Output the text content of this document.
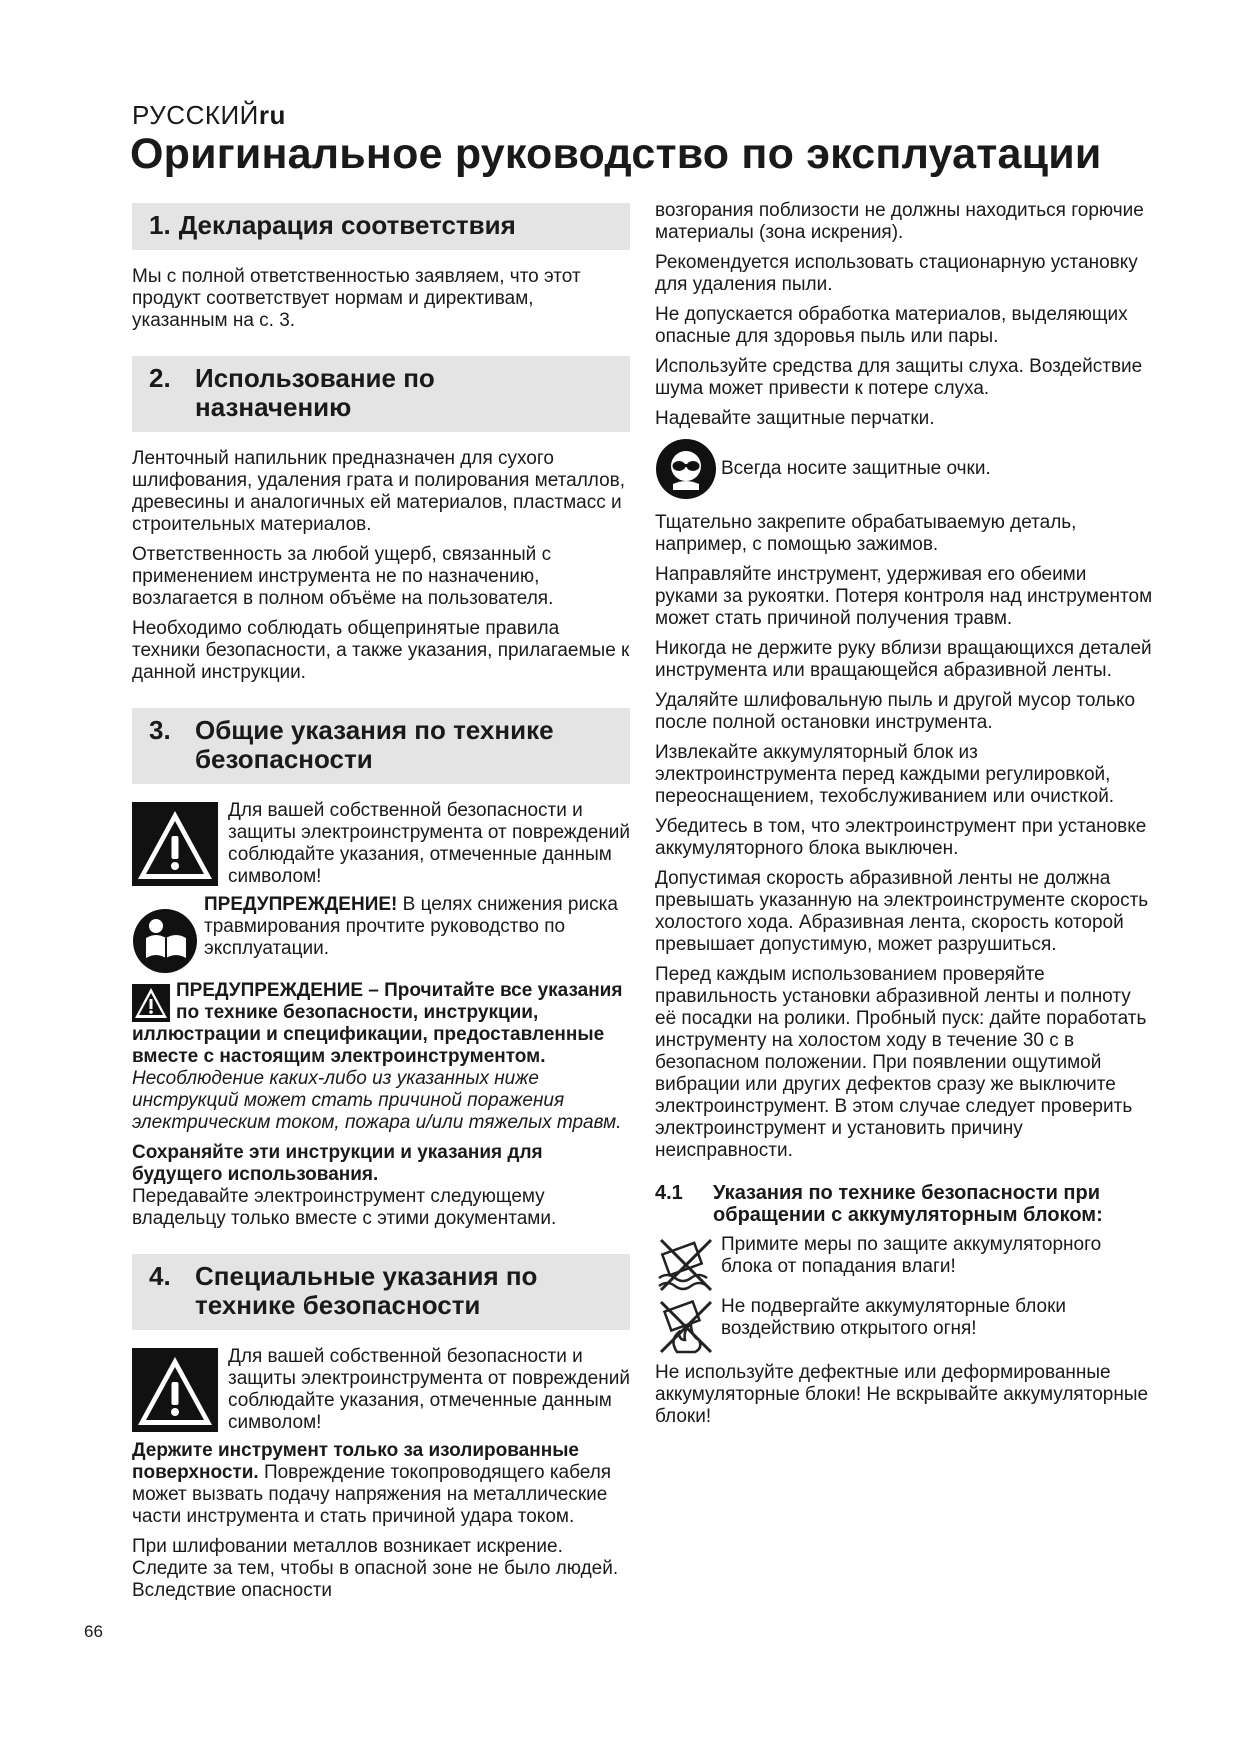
РУССКИЙru
Оригинальное руководство по эксплуатации
1. Декларация соответствия

Мы с полной ответственностью заявляем, что этот продукт соответствует нормам и директивам, указанным на с. 3.

2. Использование по
назначению

Ленточный напильник предназначен для сухого шлифования, удаления грата и полирования металлов, древесины и аналогичных ей материалов, пластмасс и строительных материалов.

Ответственность за любой ущерб, связанный с применением инструмента не по назначению, возлагается в полном объёме на пользователя.

Необходимо соблюдать общепринятые правила техники безопасности, а также указания, прилагаемые к данной инструкции.

3. Общие указания по технике
безопасности

Для вашей собственной безопасности и защиты электроинструмента от повреждений соблюдайте указания, отмеченные данным символом!

ПРЕДУПРЕЖДЕНИЕ! В целях снижения риска травмирования прочтите руководство по эксплуатации.

ПРЕДУПРЕЖДЕНИЕ – Прочитайте все указания по технике безопасности, инструкции, иллюстрации и спецификации, предоставленные вместе с настоящим электроинструментом. Несоблюдение каких-либо из указанных ниже инструкций может стать причиной поражения электрическим током, пожара и/или тяжелых травм.

Сохраняйте эти инструкции и указания для будущего использования.

Передавайте электроинструмент следующему владельцу только вместе с этими документами.

4. Специальные указания по
технике безопасности

Для вашей собственной безопасности и защиты электроинструмента от повреждений соблюдайте указания, отмеченные данным символом!

Держите инструмент только за изолированные поверхности. Повреждение токопроводящего кабеля может вызвать подачу напряжения на металлические части инструмента и стать причиной удара током.

При шлифовании металлов возникает искрение. Следите за тем, чтобы в опасной зоне не было людей. Вследствие опасности

возгорания поблизости не должны находиться горючие материалы (зона искрения).

Рекомендуется использовать стационарную установку для удаления пыли.

Не допускается обработка материалов, выделяющих опасные для здоровья пыль или пары.

Используйте средства для защиты слуха. Воздействие шума может привести к потере слуха.

Надевайте защитные перчатки.

Всегда носите защитные очки.

Тщательно закрепите обрабатываемую деталь, например, с помощью зажимов.

Направляйте инструмент, удерживая его обеими руками за рукоятки. Потеря контроля над инструментом может стать причиной получения травм.

Никогда не держите руку вблизи вращающихся деталей инструмента или вращающейся абразивной ленты.

Удаляйте шлифовальную пыль и другой мусор только после полной остановки инструмента.

Извлекайте аккумуляторный блок из электроинструмента перед каждыми регулировкой, переоснащением, техобслуживанием или очисткой.

Убедитесь в том, что электроинструмент при установке аккумуляторного блока выключен.

Допустимая скорость абразивной ленты не должна превышать указанную на электроинструменте скорость холостого хода. Абразивная лента, скорость которой превышает допустимую, может разрушиться.

Перед каждым использованием проверяйте правильность установки абразивной ленты и полноту её посадки на ролики. Пробный пуск: дайте поработать инструменту на холостом ходу в течение 30 с в безопасном положении. При появлении ощутимой вибрации или других дефектов сразу же выключите электроинструмент. В этом случае следует проверить электроинструмент и установить причину неисправности.

4.1	Указания по технике безопасности при обращении с аккумуляторным блоком:

Примите меры по защите аккумуляторного блока от попадания влаги!

Не подвергайте аккумуляторные блоки воздействию открытого огня!

Не используйте дефектные или деформированные аккумуляторные блоки! Не вскрывайте аккумуляторные блоки!

66
